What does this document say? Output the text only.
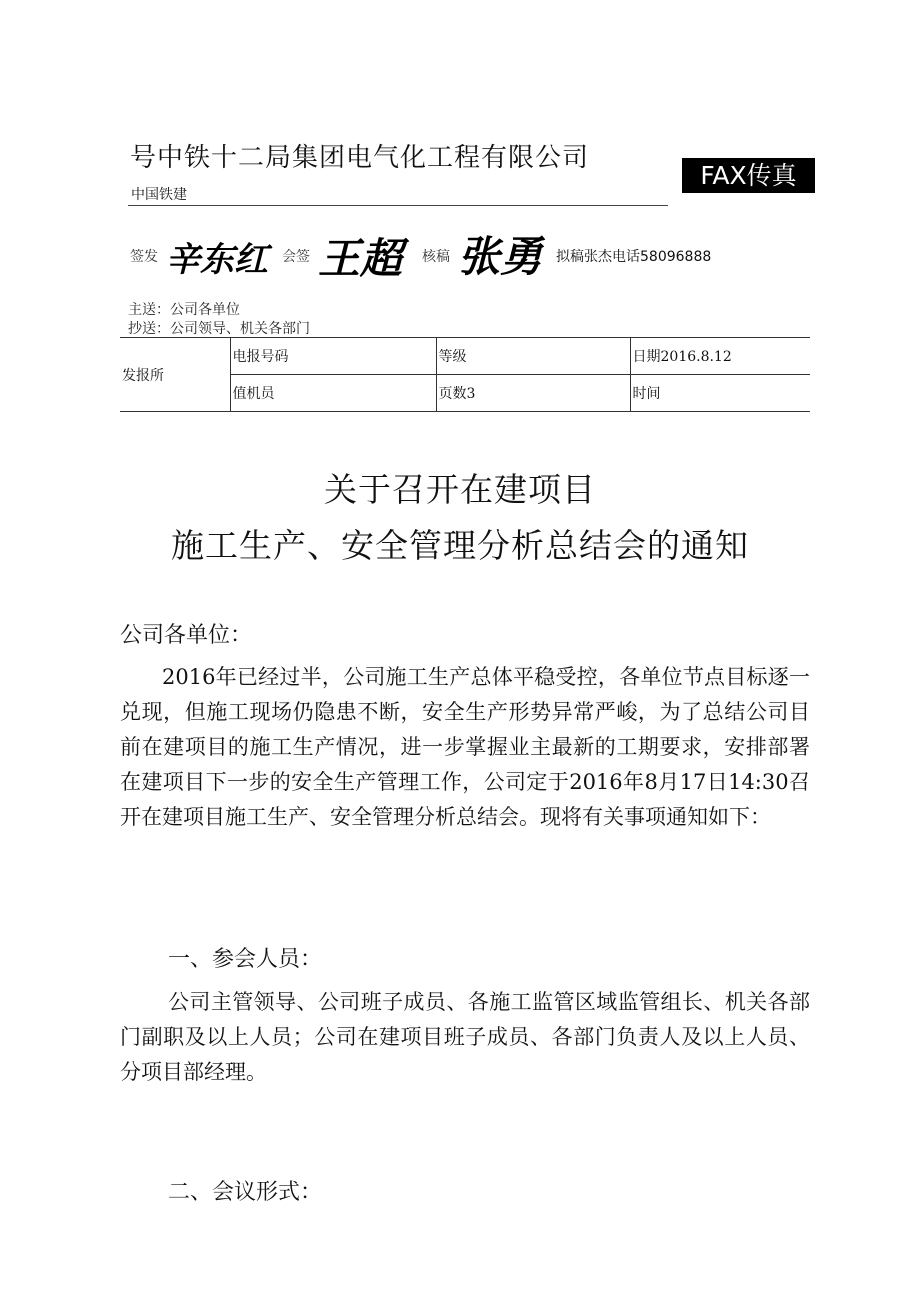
号中铁十二局集团电气化工程有限公司
中国铁建
FAX传真
签发 辛东红 会签 王超 核稿 张勇 拟稿张杰电话58096888
主送：公司各单位
抄送：公司领导、机关各部门
发报所	电报号码	等级	日期2016.8.12
	值机员	页数3	时间
关于召开在建项目
施工生产、安全管理分析总结会的通知
公司各单位：
2016年已经过半，公司施工生产总体平稳受控，各单位节点目标逐一兑现，但施工现场仍隐患不断，安全生产形势异常严峻，为了总结公司目前在建项目的施工生产情况，进一步掌握业主最新的工期要求，安排部署在建项目下一步的安全生产管理工作，公司定于2016年8月17日14:30召开在建项目施工生产、安全管理分析总结会。现将有关事项通知如下：
一、参会人员：
公司主管领导、公司班子成员、各施工监管区域监管组长、机关各部门副职及以上人员；公司在建项目班子成员、各部门负责人及以上人员、分项目部经理。
二、会议形式：
